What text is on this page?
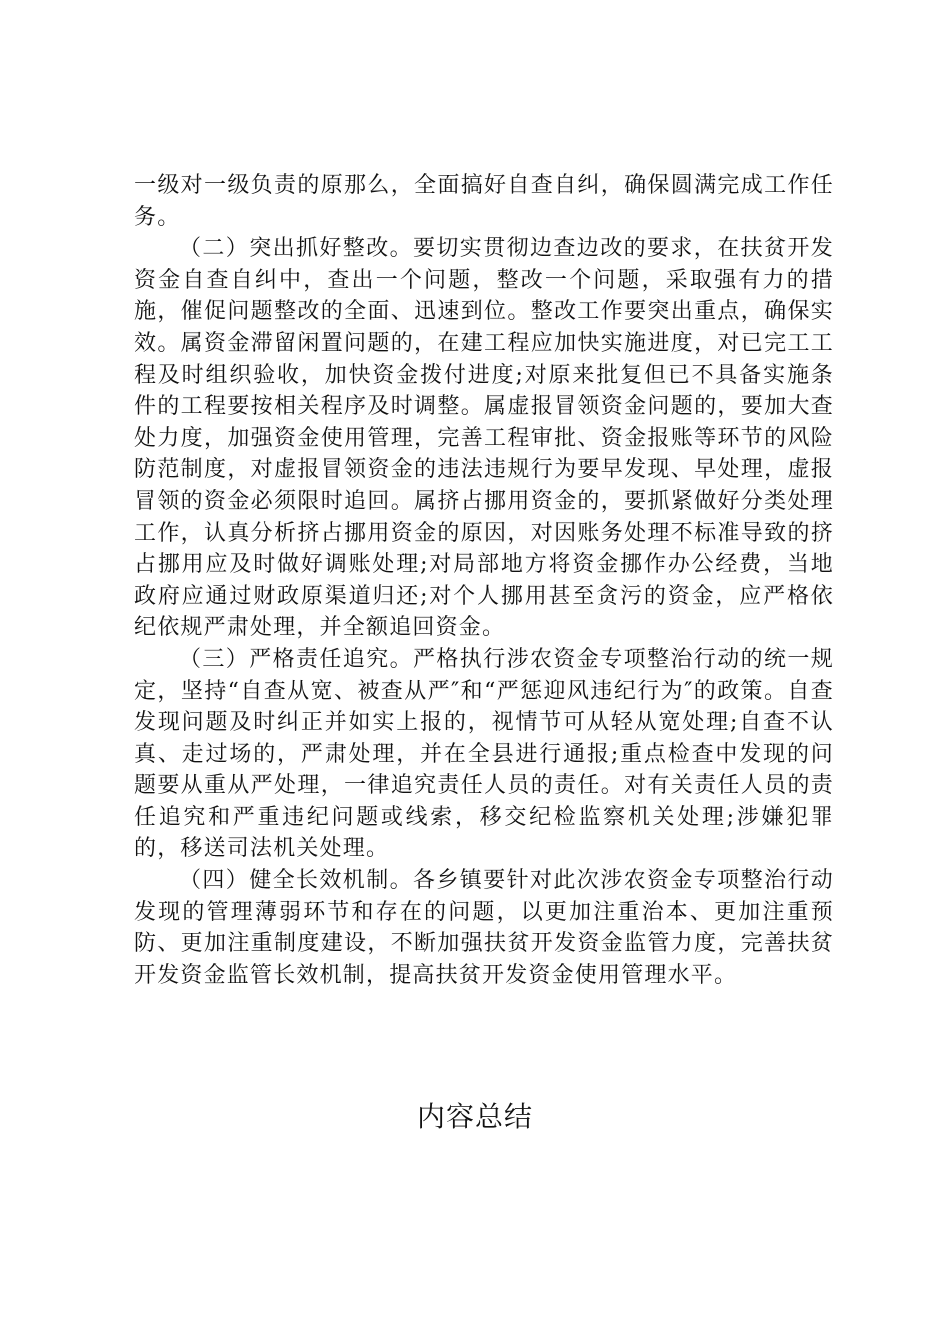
一级对一级负责的原那么，全面搞好自查自纠，确保圆满完成工作任务。

（二）突出抓好整改。要切实贯彻边查边改的要求，在扶贫开发资金自查自纠中，查出一个问题，整改一个问题，采取强有力的措施，催促问题整改的全面、迅速到位。整改工作要突出重点，确保实效。属资金滞留闲置问题的，在建工程应加快实施进度，对已完工工程及时组织验收，加快资金拨付进度;对原来批复但已不具备实施条件的工程要按相关程序及时调整。属虚报冒领资金问题的，要加大查处力度，加强资金使用管理，完善工程审批、资金报账等环节的风险防范制度，对虚报冒领资金的违法违规行为要早发现、早处理，虚报冒领的资金必须限时追回。属挤占挪用资金的，要抓紧做好分类处理工作，认真分析挤占挪用资金的原因，对因账务处理不标准导致的挤占挪用应及时做好调账处理;对局部地方将资金挪作办公经费，当地政府应通过财政原渠道归还;对个人挪用甚至贪污的资金，应严格依纪依规严肃处理，并全额追回资金。

（三）严格责任追究。严格执行涉农资金专项整治行动的统一规定，坚持“自查从宽、被查从严″和“严惩迎风违纪行为″的政策。自查发现问题及时纠正并如实上报的，视情节可从轻从宽处理;自查不认真、走过场的，严肃处理，并在全县进行通报;重点检查中发现的问题要从重从严处理，一律追究责任人员的责任。对有关责任人员的责任追究和严重违纪问题或线索，移交纪检监察机关处理;涉嫌犯罪的，移送司法机关处理。

（四）健全长效机制。各乡镇要针对此次涉农资金专项整治行动发现的管理薄弱环节和存在的问题，以更加注重治本、更加注重预防、更加注重制度建设，不断加强扶贫开发资金监管力度，完善扶贫开发资金监管长效机制，提高扶贫开发资金使用管理水平。

内容总结
